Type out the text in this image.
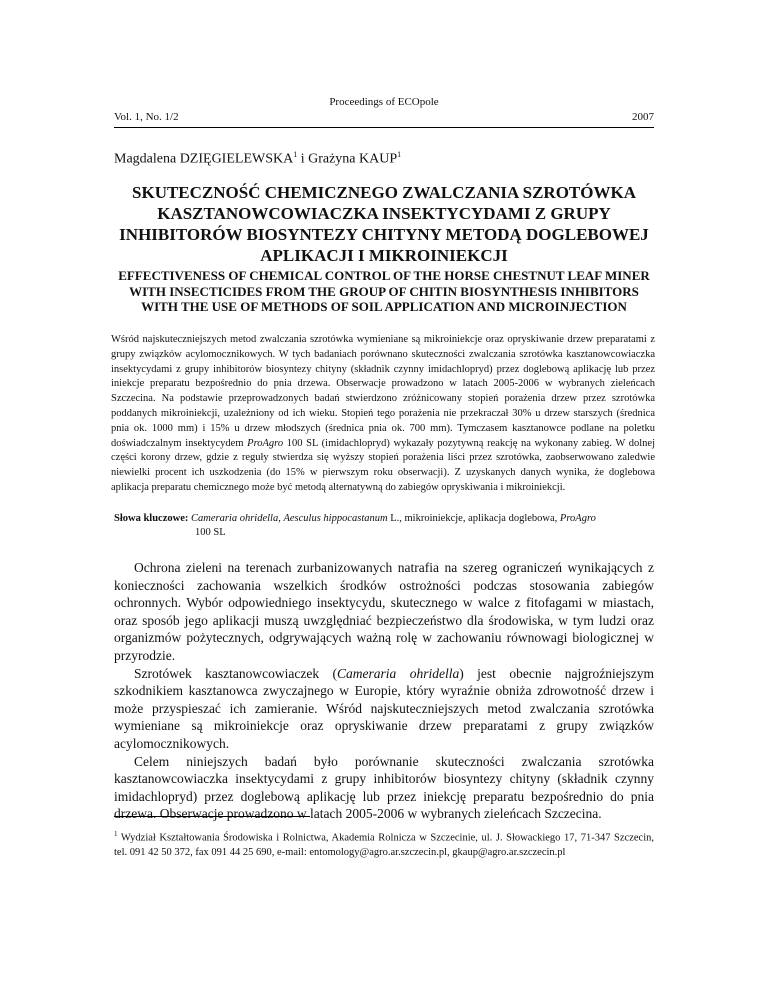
Proceedings of ECOpole
Vol. 1, No. 1/2	2007
Magdalena DZIĘGIELEWSKA$^1$ i Grażyna KAUP$^1$
SKUTECZNOŚĆ CHEMICZNEGO ZWALCZANIA SZROTÓWKA KASZTANOWCOWIACZKA INSEKTYCYDAMI Z GRUPY INHIBITORÓW BIOSYNTEZY CHITYNY METODĄ DOGLEBOWEJ APLIKACJI I MIKROINIEKCJI
EFFECTIVENESS OF CHEMICAL CONTROL OF THE HORSE CHESTNUT LEAF MINER WITH INSECTICIDES FROM THE GROUP OF CHITIN BIOSYNTHESIS INHIBITORS WITH THE USE OF METHODS OF SOIL APPLICATION AND MICROINJECTION
Wśród najskuteczniejszych metod zwalczania szrotówka wymieniane są mikroiniekcje oraz opryskiwanie drzew preparatami z grupy związków acylomocznikowych. W tych badaniach porównano skuteczności zwalczania szrotówka kasztanowcowiaczka insektycydami z grupy inhibitorów biosyntezy chityny (składnik czynny imidachlopryd) przez doglebową aplikację lub przez iniekcje preparatu bezpośrednio do pnia drzewa. Obserwacje prowadzono w latach 2005-2006 w wybranych zieleńcach Szczecina. Na podstawie przeprowadzonych badań stwierdzono zróżnicowany stopień porażenia drzew przez szrotówka poddanych mikroiniekcji, uzależniony od ich wieku. Stopień tego porażenia nie przekraczał 30% u drzew starszych (średnica pnia ok. 1000 mm) i 15% u drzew młodszych (średnica pnia ok. 700 mm). Tymczasem kasztanowce podlane na poletku doświadczalnym insektycydem ProAgro 100 SL (imidachlopryd) wykazały pozytywną reakcję na wykonany zabieg. W dolnej części korony drzew, gdzie z reguły stwierdza się wyższy stopień porażenia liści przez szrotówka, zaobserwowano zaledwie niewielki procent ich uszkodzenia (do 15% w pierwszym roku obserwacji). Z uzyskanych danych wynika, że doglebowa aplikacja preparatu chemicznego może być metodą alternatywną do zabiegów opryskiwania i mikroiniekcji.
Słowa kluczowe: Cameraria ohridella, Aesculus hippocastanum L., mikroiniekcje, aplikacja doglebowa, ProAgro
100 SL

Ochrona zieleni na terenach zurbanizowanych natrafia na szereg ograniczeń wynikających z konieczności zachowania wszelkich środków ostrożności podczas stosowania zabiegów ochronnych. Wybór odpowiedniego insektycydu, skutecznego w walce z fitofagami w miastach, oraz sposób jego aplikacji muszą uwzględniać bezpieczeństwo dla środowiska, w tym ludzi oraz organizmów pożytecznych, odgrywających ważną rolę w zachowaniu równowagi biologicznej w przyrodzie.

Szrotówek kasztanowcowiaczek (Cameraria ohridella) jest obecnie najgroźniejszym szkodnikiem kasztanowca zwyczajnego w Europie, który wyraźnie obniża zdrowotność drzew i może przyspieszać ich zamieranie. Wśród najskuteczniejszych metod zwalczania szrotówka wymieniane są mikroiniekcje oraz opryskiwanie drzew preparatami z grupy związków acylomocznikowych.

Celem niniejszych badań było porównanie skuteczności zwalczania szrotówka kasztanowcowiaczka insektycydami z grupy inhibitorów biosyntezy chityny (składnik czynny imidachlopryd) przez doglebową aplikację lub przez iniekcję preparatu bezpośrednio do pnia drzewa. Obserwacje prowadzono w latach 2005-2006 w wybranych zieleńcach Szczecina.

$^1$ Wydział Kształtowania Środowiska i Rolnictwa, Akademia Rolnicza w Szczecinie, ul. J. Słowackiego 17, 71-347 Szczecin, tel. 091 42 50 372, fax 091 44 25 690, e-mail: entomology@agro.ar.szczecin.pl, gkaup@agro.ar.szczecin.pl
